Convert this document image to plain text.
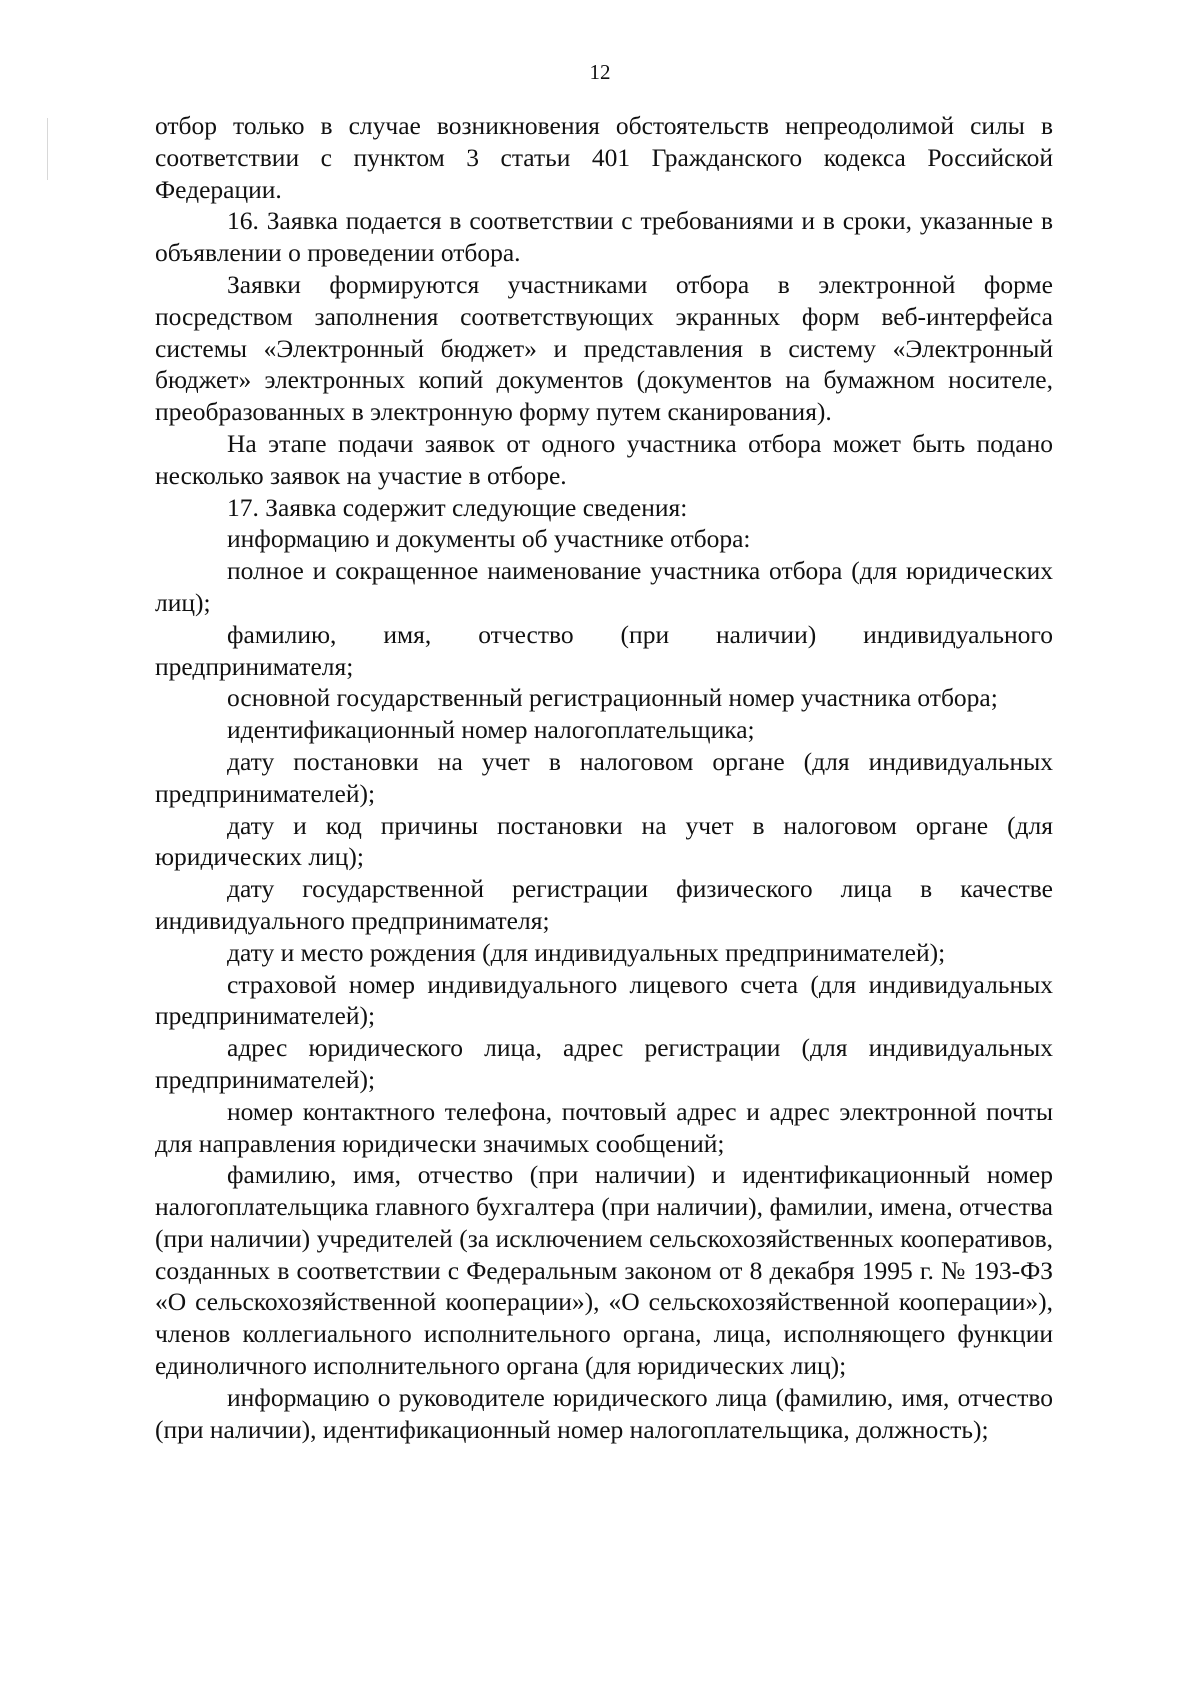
12

отбор только в случае возникновения обстоятельств непреодолимой силы в соответствии с пунктом 3 статьи 401 Гражданского кодекса Российской Федерации.

16. Заявка подается в соответствии с требованиями и в сроки, указанные в объявлении о проведении отбора.

Заявки формируются участниками отбора в электронной форме посредством заполнения соответствующих экранных форм веб-интерфейса системы «Электронный бюджет» и представления в систему «Электронный бюджет» электронных копий документов (документов на бумажном носителе, преобразованных в электронную форму путем сканирования).

На этапе подачи заявок от одного участника отбора может быть подано несколько заявок на участие в отборе.

17. Заявка содержит следующие сведения:

информацию и документы об участнике отбора:

полное и сокращенное наименование участника отбора (для юридических лиц);

фамилию, имя, отчество (при наличии) индивидуального предпринимателя;

основной государственный регистрационный номер участника отбора;

идентификационный номер налогоплательщика;

дату постановки на учет в налоговом органе (для индивидуальных предпринимателей);

дату и код причины постановки на учет в налоговом органе (для юридических лиц);

дату государственной регистрации физического лица в качестве индивидуального предпринимателя;

дату и место рождения (для индивидуальных предпринимателей);

страховой номер индивидуального лицевого счета (для индивидуальных предпринимателей);

адрес юридического лица, адрес регистрации (для индивидуальных предпринимателей);

номер контактного телефона, почтовый адрес и адрес электронной почты для направления юридически значимых сообщений;

фамилию, имя, отчество (при наличии) и идентификационный номер налогоплательщика главного бухгалтера (при наличии), фамилии, имена, отчества (при наличии) учредителей (за исключением сельскохозяйственных кооперативов, созданных в соответствии с Федеральным законом от 8 декабря 1995 г. № 193-ФЗ «О сельскохозяйственной кооперации»), «О сельскохозяйственной кооперации»), членов коллегиального исполнительного органа, лица, исполняющего функции единоличного исполнительного органа (для юридических лиц);

информацию о руководителе юридического лица (фамилию, имя, отчество (при наличии), идентификационный номер налогоплательщика, должность);
